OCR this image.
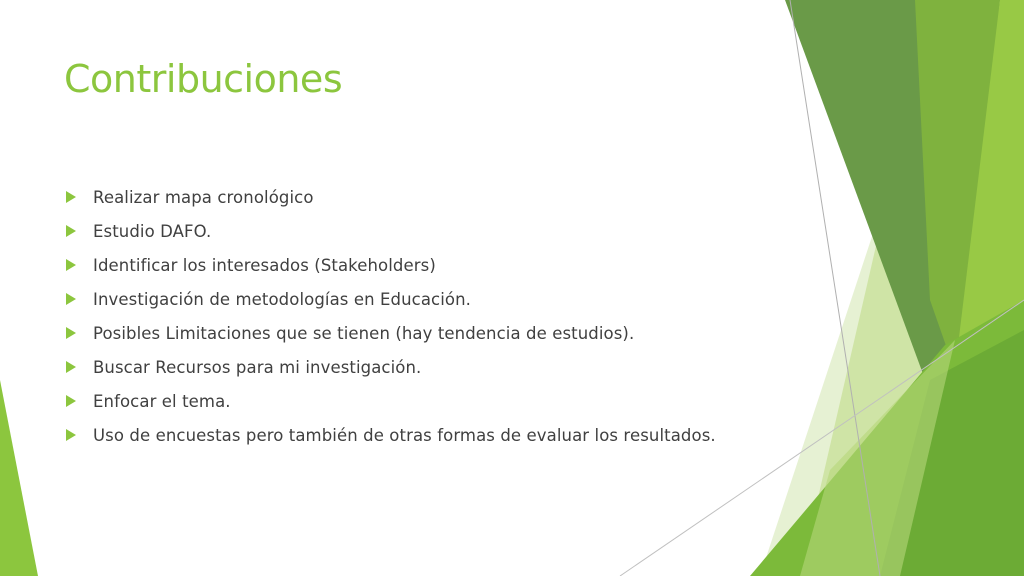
Contribuciones
Realizar mapa cronológico
Estudio DAFO.
Identificar los interesados (Stakeholders)
Investigación de metodologías en Educación.
Posibles Limitaciones que se tienen (hay tendencia de estudios).
Buscar Recursos para mi investigación.
Enfocar el tema.
Uso de encuestas pero también de otras formas de evaluar los resultados.
